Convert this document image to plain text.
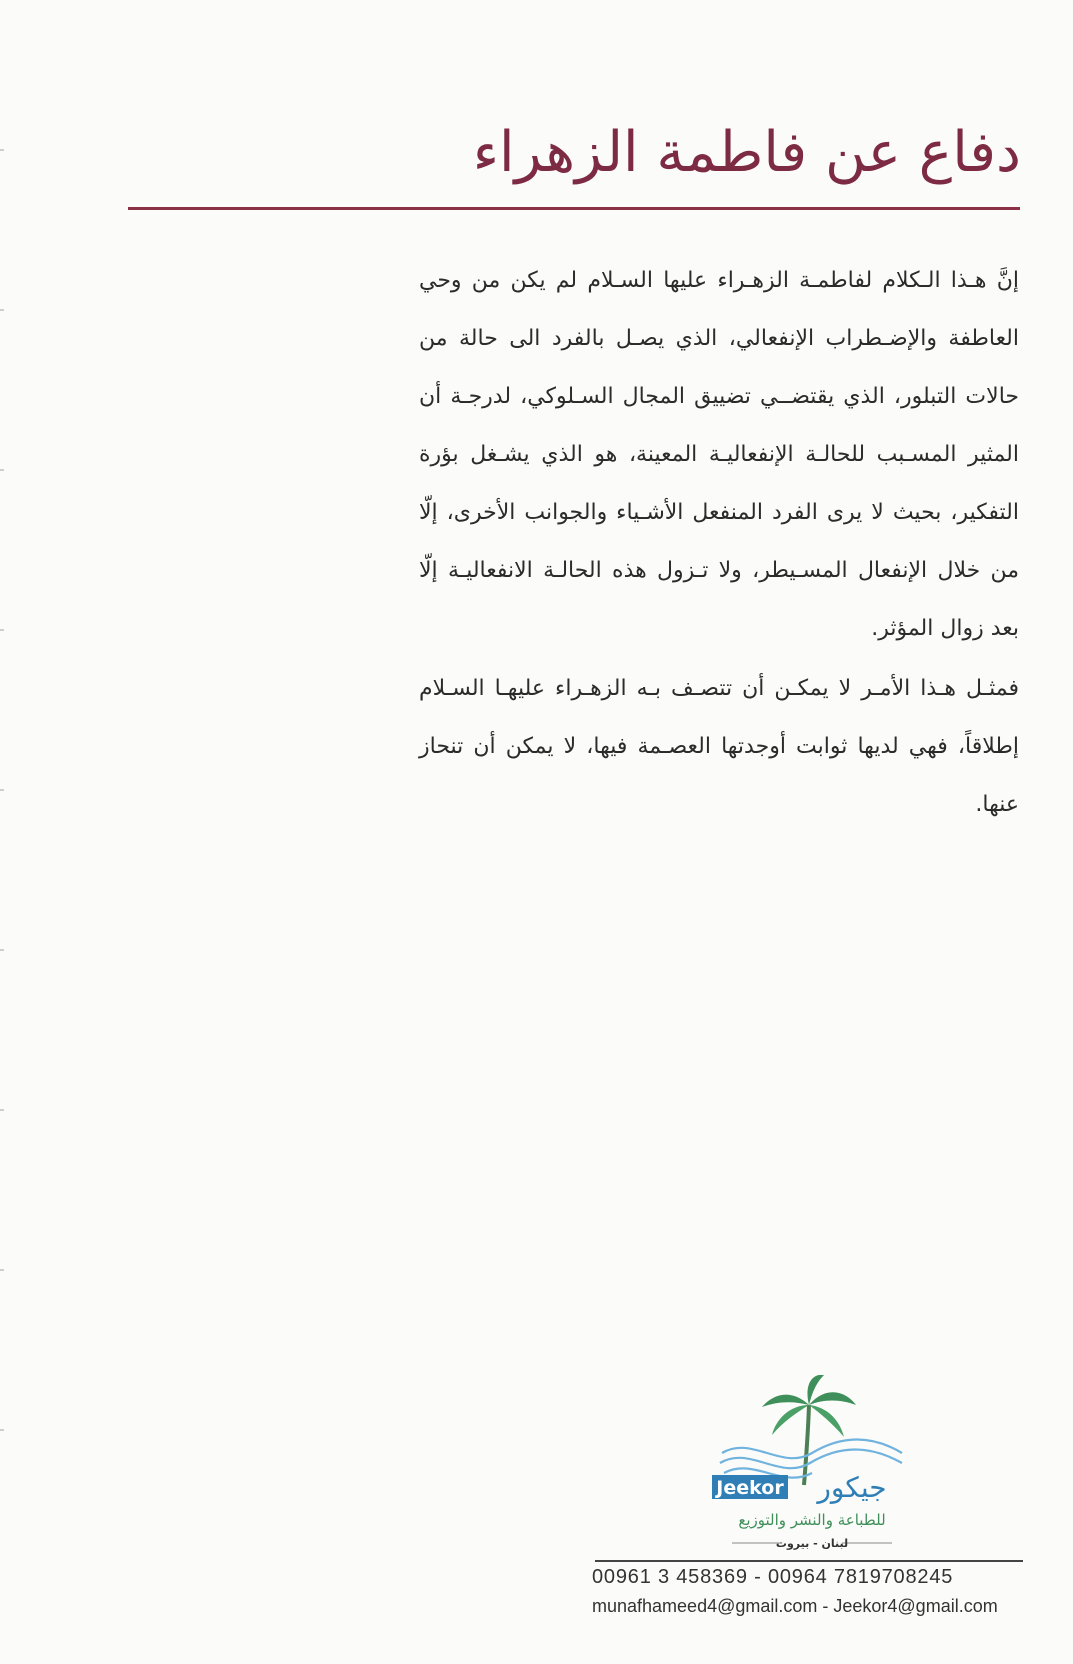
دفاع عن فاطمة الزهراء

إنَّ هـذا الـكلام لفاطمـة الزهـراء عليها السـلام لم يكن من وحي العاطفة والإضـطراب الإنفعالي، الذي يصـل بالفرد الى حالة من حالات التبلور، الذي يقتضــي تضييق المجال السـلوكي، لدرجـة أن المثير المسـبب للحالـة الإنفعاليـة المعينة، هو الذي يشـغل بؤرة التفكير، بحيث لا يرى الفرد المنفعل الأشـياء والجوانب الأخرى، إلّا من خلال الإنفعال المسـيطر، ولا تـزول هذه الحالـة الانفعاليـة إلّا بعد زوال المؤثر.

فمثـل هـذا الأمـر لا يمكـن أن تتصـف بـه الزهـراء عليهـا السـلام إطلاقاً، فهي لديها ثوابت أوجدتها العصـمة فيها، لا يمكن أن تنحاز عنها.

Jeekor جيكور
للطباعة والنشر والتوزيع
لبنان - بيروت
00961 3 458369 - 00964 7819708245
munafhameed4@gmail.com - Jeekor4@gmail.com
